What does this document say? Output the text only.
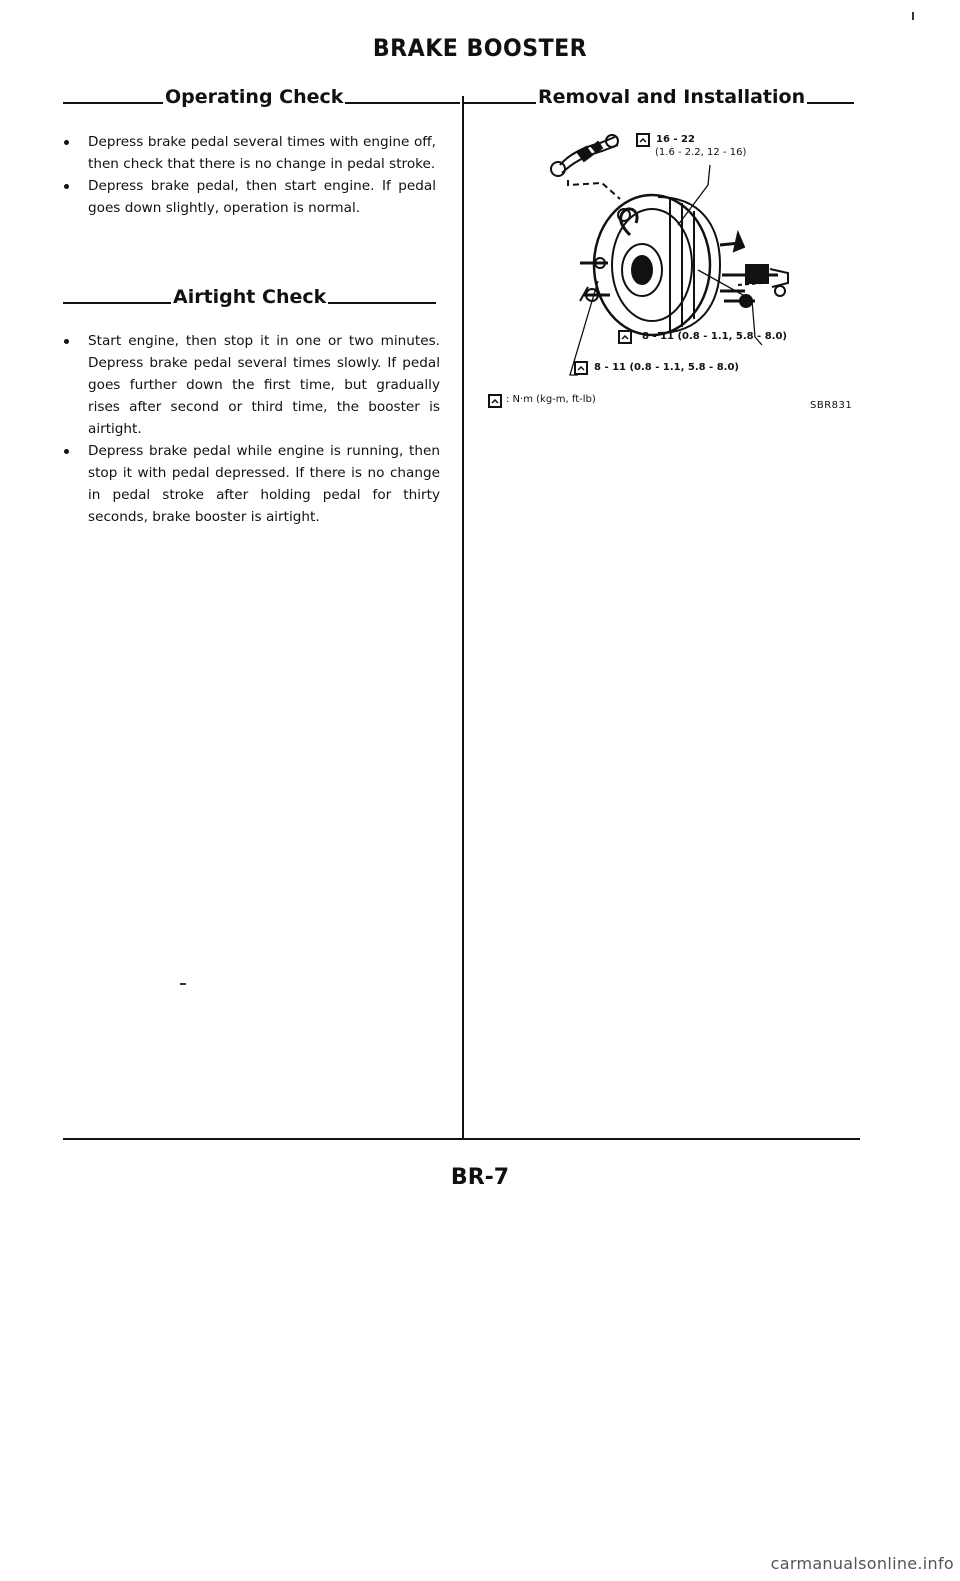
BRAKE BOOSTER
Operating Check
Depress brake pedal several times with engine off, then check that there is no change in pedal stroke.
Depress brake pedal, then start engine. If pedal goes down slightly, operation is normal.
Airtight Check
Start engine, then stop it in one or two minutes. Depress brake pedal several times slowly. If pedal goes further down the first time, but gradually rises after second or third time, the booster is airtight.
Depress brake pedal while engine is running, then stop it with pedal depressed. If there is no change in pedal stroke after holding pedal for thirty seconds, brake booster is airtight.
Removal and Installation
16 - 22
(1.6 - 2.2, 12 - 16)
8 - 11 (0.8 - 1.1, 5.8 - 8.0)
8 - 11 (0.8 - 1.1, 5.8 - 8.0)
: N·m (kg-m, ft-lb)
SBR831
BR-7
carmanualsonline.info
